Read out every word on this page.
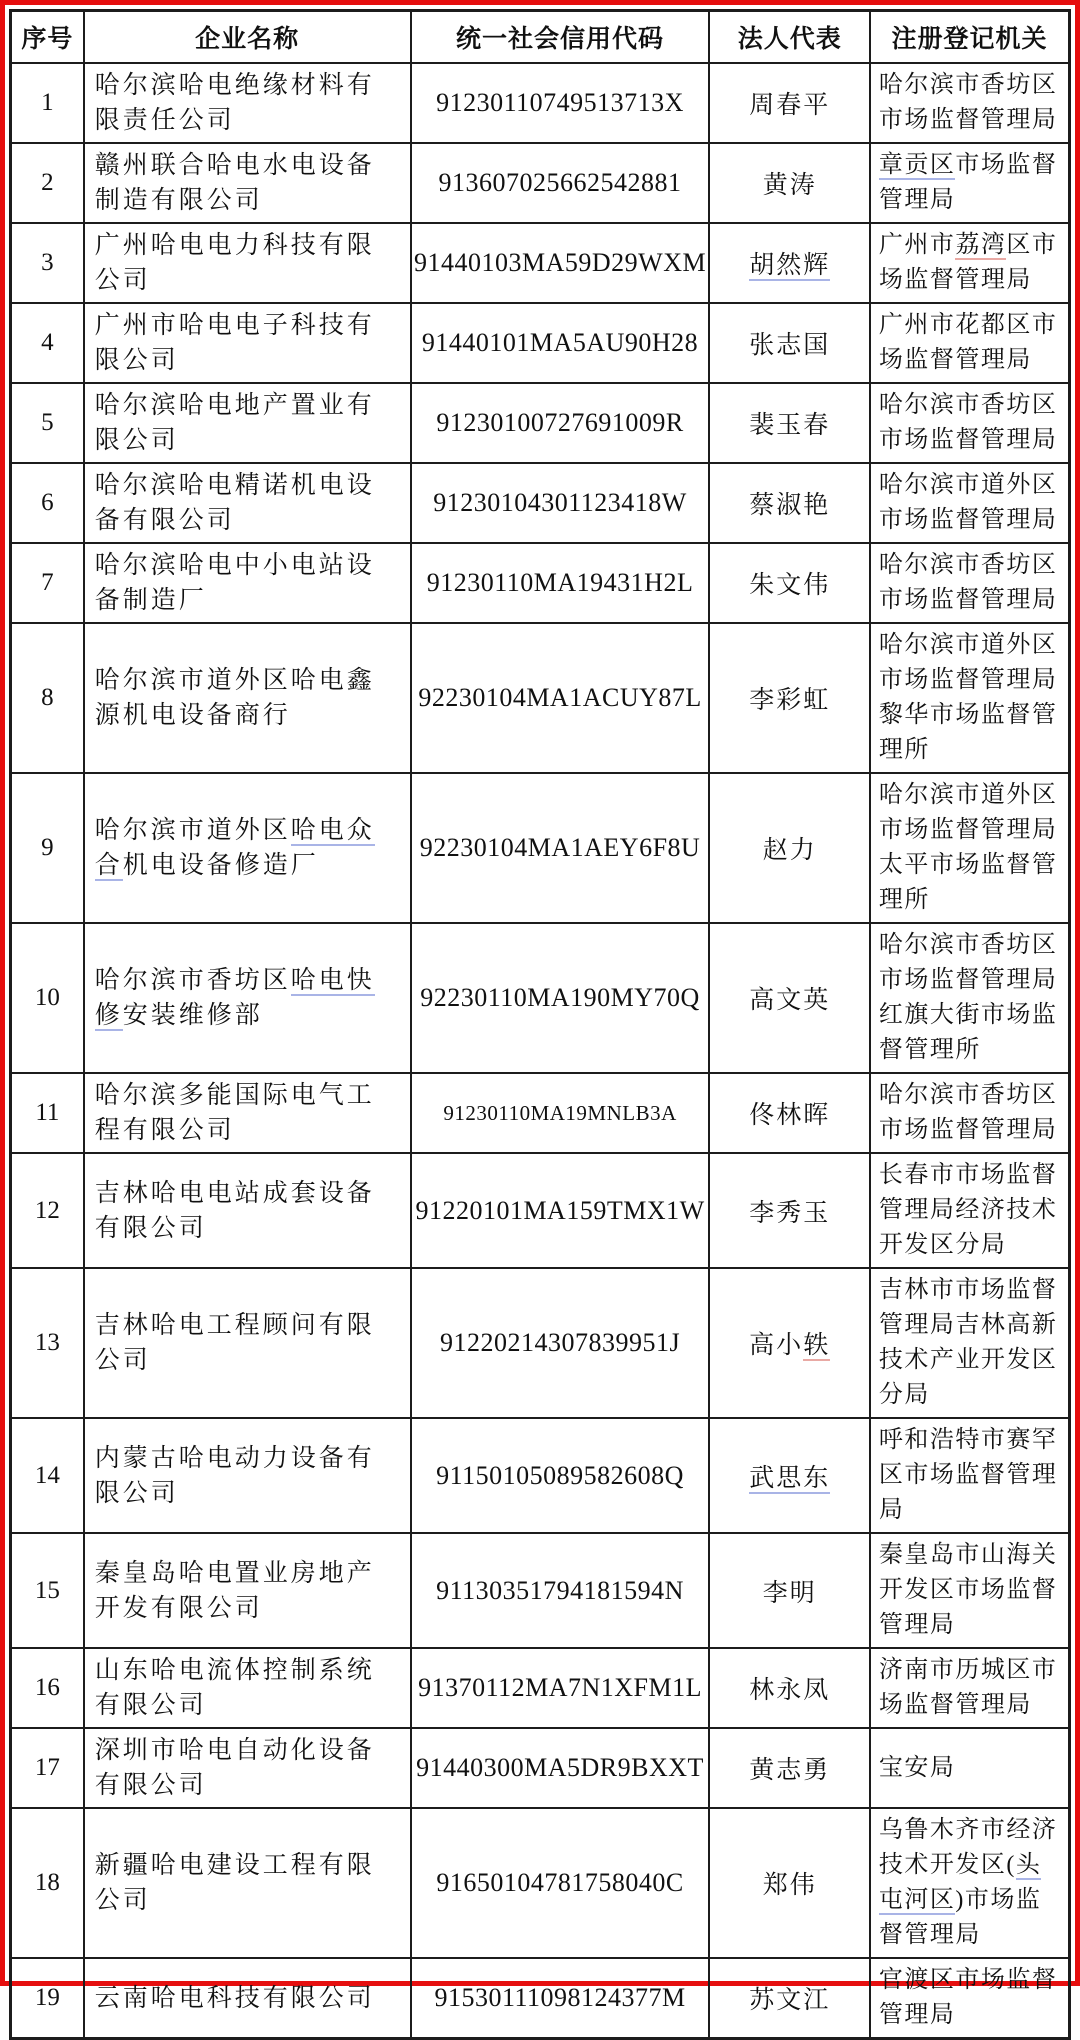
序号	企业名称	统一社会信用代码	法人代表	注册登记机关
1	哈尔滨哈电绝缘材料有限责任公司	91230110749513713X	周春平	哈尔滨市香坊区市场监督管理局
2	赣州联合哈电水电设备制造有限公司	913607025662542881	黄涛	章贡区市场监督管理局
3	广州哈电电力科技有限公司	91440103MA59D29WXM	胡然辉	广州市荔湾区市场监督管理局
4	广州市哈电电子科技有限公司	91440101MA5AU90H28	张志国	广州市花都区市场监督管理局
5	哈尔滨哈电地产置业有限公司	91230100727691009R	裴玉春	哈尔滨市香坊区市场监督管理局
6	哈尔滨哈电精诺机电设备有限公司	91230104301123418W	蔡淑艳	哈尔滨市道外区市场监督管理局
7	哈尔滨哈电中小电站设备制造厂	91230110MA19431H2L	朱文伟	哈尔滨市香坊区市场监督管理局
8	哈尔滨市道外区哈电鑫源机电设备商行	92230104MA1ACUY87L	李彩虹	哈尔滨市道外区市场监督管理局黎华市场监督管理所
9	哈尔滨市道外区哈电众合机电设备修造厂	92230104MA1AEY6F8U	赵力	哈尔滨市道外区市场监督管理局太平市场监督管理所
10	哈尔滨市香坊区哈电快修安装维修部	92230110MA190MY70Q	高文英	哈尔滨市香坊区市场监督管理局红旗大街市场监督管理所
11	哈尔滨多能国际电气工程有限公司	91230110MA19MNLB3A	佟林晖	哈尔滨市香坊区市场监督管理局
12	吉林哈电电站成套设备有限公司	91220101MA159TMX1W	李秀玉	长春市市场监督管理局经济技术开发区分局
13	吉林哈电工程顾问有限公司	91220214307839951J	高小轶	吉林市市场监督管理局吉林高新技术产业开发区分局
14	内蒙古哈电动力设备有限公司	91150105089582608Q	武思东	呼和浩特市赛罕区市场监督管理局
15	秦皇岛哈电置业房地产开发有限公司	91130351794181594N	李明	秦皇岛市山海关开发区市场监督管理局
16	山东哈电流体控制系统有限公司	91370112MA7N1XFM1L	林永凤	济南市历城区市场监督管理局
17	深圳市哈电自动化设备有限公司	91440300MA5DR9BXXT	黄志勇	宝安局
18	新疆哈电建设工程有限公司	91650104781758040C	郑伟	乌鲁木齐市经济技术开发区(头屯河区)市场监督管理局
19	云南哈电科技有限公司	91530111098124377M	苏文江	官渡区市场监督管理局
